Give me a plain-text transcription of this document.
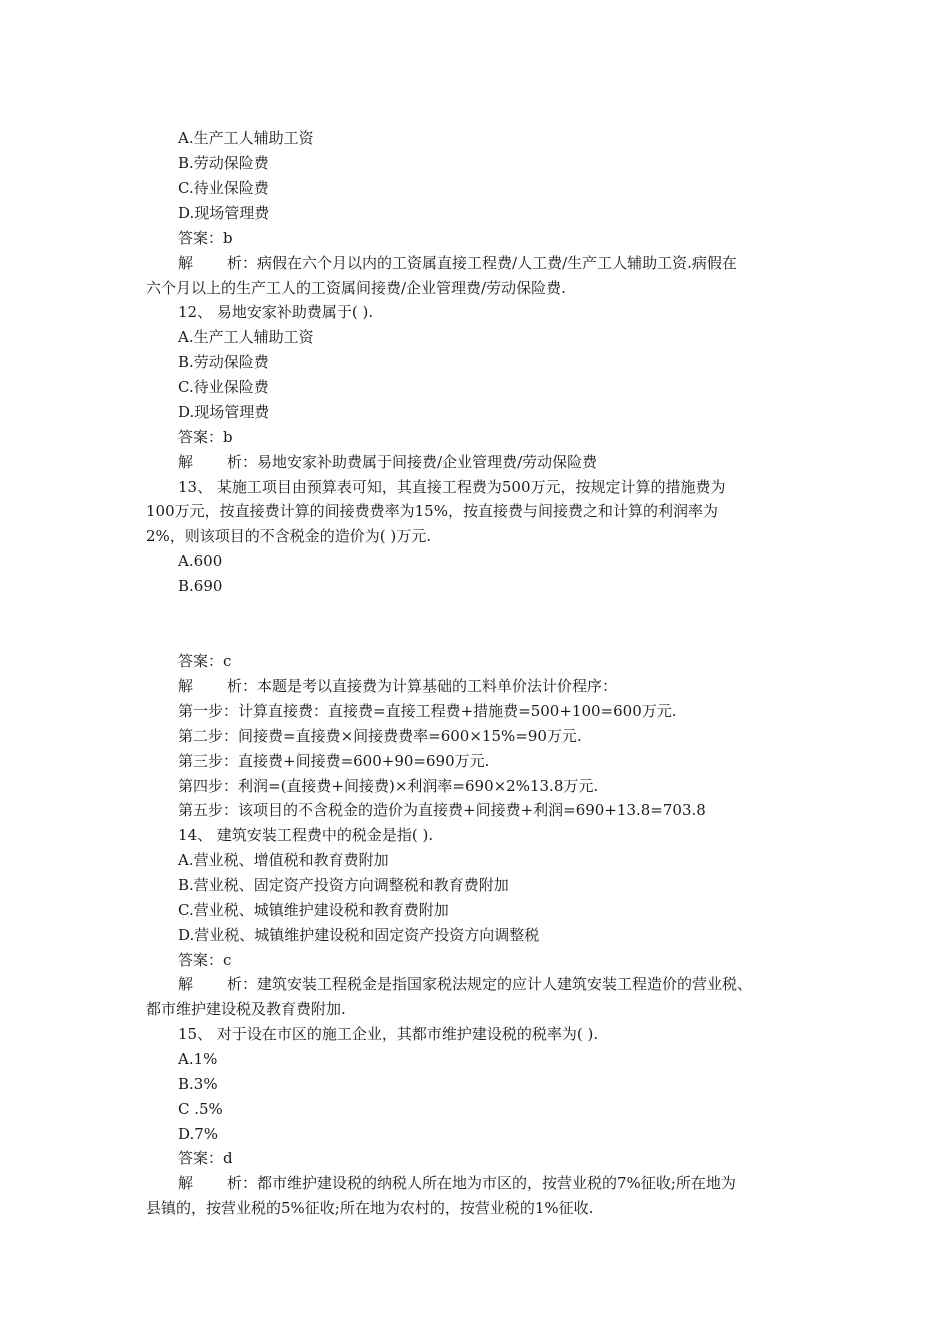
A.生产工人辅助工资
B.劳动保险费
C.待业保险费
D.现场管理费
答案：b
解 析：病假在六个月以内的工资属直接工程费/人工费/生产工人辅助工资.病假在
六个月以上的生产工人的工资属间接费/企业管理费/劳动保险费.
12、 易地安家补助费属于( ).
A.生产工人辅助工资
B.劳动保险费
C.待业保险费
D.现场管理费
答案：b
解 析：易地安家补助费属于间接费/企业管理费/劳动保险费
13、 某施工项目由预算表可知，其直接工程费为500万元，按规定计算的措施费为
100万元，按直接费计算的间接费费率为15%，按直接费与间接费之和计算的利润率为
2%，则该项目的不含税金的造价为( )万元.
A.600
B.690
答案：c
解 析：本题是考以直接费为计算基础的工料单价法计价程序：
第一步：计算直接费：直接费=直接工程费+措施费=500+100=600万元.
第二步：间接费=直接费×间接费费率=600×15%=90万元.
第三步：直接费+间接费=600+90=690万元.
第四步：利润=(直接费+间接费)×利润率=690×2%13.8万元.
第五步：该项目的不含税金的造价为直接费+间接费+利润=690+13.8=703.8
14、 建筑安装工程费中的税金是指( ).
A.营业税、增值税和教育费附加
B.营业税、固定资产投资方向调整税和教育费附加
C.营业税、城镇维护建设税和教育费附加
D.营业税、城镇维护建设税和固定资产投资方向调整税
答案：c
解 析：建筑安装工程税金是指国家税法规定的应计人建筑安装工程造价的营业税、
都市维护建设税及教育费附加.
15、 对于设在市区的施工企业，其都市维护建设税的税率为( ).
A.1%
B.3%
C .5%
D.7%
答案：d
解 析：都市维护建设税的纳税人所在地为市区的，按营业税的7%征收;所在地为
县镇的，按营业税的5%征收;所在地为农村的，按营业税的1%征收.
